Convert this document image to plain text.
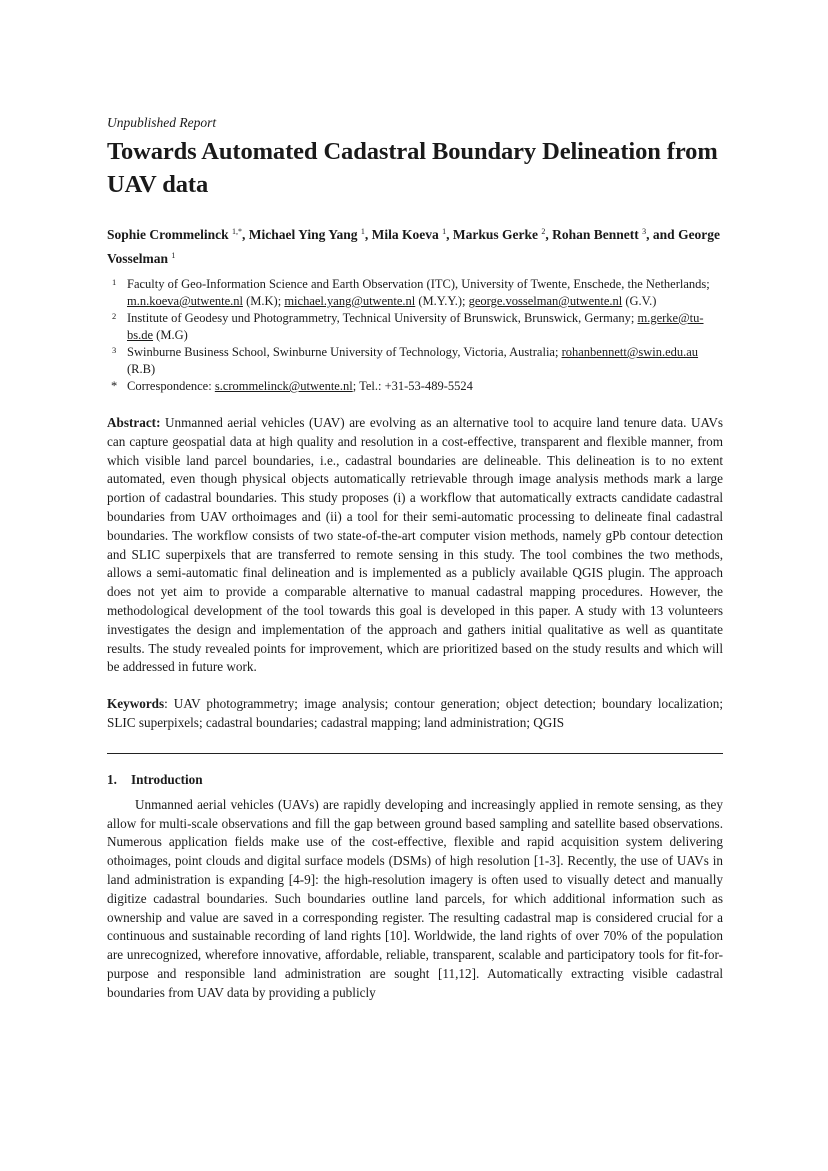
Unpublished Report

Towards Automated Cadastral Boundary Delineation from UAV data

Sophie Crommelinck $^{1,*}$, Michael Ying Yang $^1$, Mila Koeva $^1$, Markus Gerke $^2$, Rohan Bennett $^3$, and George Vosselman $^1$

1 Faculty of Geo-Information Science and Earth Observation (ITC), University of Twente, Enschede, the Netherlands; m.n.koeva@utwente.nl (M.K); michael.yang@utwente.nl (M.Y.Y.); george.vosselman@utwente.nl (G.V.)
2 Institute of Geodesy und Photogrammetry, Technical University of Brunswick, Brunswick, Germany; m.gerke@tu-bs.de (M.G)
3 Swinburne Business School, Swinburne University of Technology, Victoria, Australia; rohanbennett@swin.edu.au (R.B)
* Correspondence: s.crommelinck@utwente.nl; Tel.: +31-53-489-5524

Abstract: Unmanned aerial vehicles (UAV) are evolving as an alternative tool to acquire land tenure data. UAVs can capture geospatial data at high quality and resolution in a cost-effective, transparent and flexible manner, from which visible land parcel boundaries, i.e., cadastral boundaries are delineable. This delineation is to no extent automated, even though physical objects automatically retrievable through image analysis methods mark a large portion of cadastral boundaries. This study proposes (i) a workflow that automatically extracts candidate cadastral boundaries from UAV orthoimages and (ii) a tool for their semi-automatic processing to delineate final cadastral boundaries. The workflow consists of two state-of-the-art computer vision methods, namely gPb contour detection and SLIC superpixels that are transferred to remote sensing in this study. The tool combines the two methods, allows a semi-automatic final delineation and is implemented as a publicly available QGIS plugin. The approach does not yet aim to provide a comparable alternative to manual cadastral mapping procedures. However, the methodological development of the tool towards this goal is developed in this paper. A study with 13 volunteers investigates the design and implementation of the approach and gathers initial qualitative as well as quantitate results. The study revealed points for improvement, which are prioritized based on the study results and which will be addressed in future work.

Keywords: UAV photogrammetry; image analysis; contour generation; object detection; boundary localization; SLIC superpixels; cadastral boundaries; cadastral mapping; land administration; QGIS

1. Introduction

Unmanned aerial vehicles (UAVs) are rapidly developing and increasingly applied in remote sensing, as they allow for multi-scale observations and fill the gap between ground based sampling and satellite based observations. Numerous application fields make use of the cost-effective, flexible and rapid acquisition system delivering othoimages, point clouds and digital surface models (DSMs) of high resolution [1-3]. Recently, the use of UAVs in land administration is expanding [4-9]: the high-resolution imagery is often used to visually detect and manually digitize cadastral boundaries. Such boundaries outline land parcels, for which additional information such as ownership and value are saved in a corresponding register. The resulting cadastral map is considered crucial for a continuous and sustainable recording of land rights [10]. Worldwide, the land rights of over 70% of the population are unrecognized, wherefore innovative, affordable, reliable, transparent, scalable and participatory tools for fit-for-purpose and responsible land administration are sought [11,12]. Automatically extracting visible cadastral boundaries from UAV data by providing a publicly
